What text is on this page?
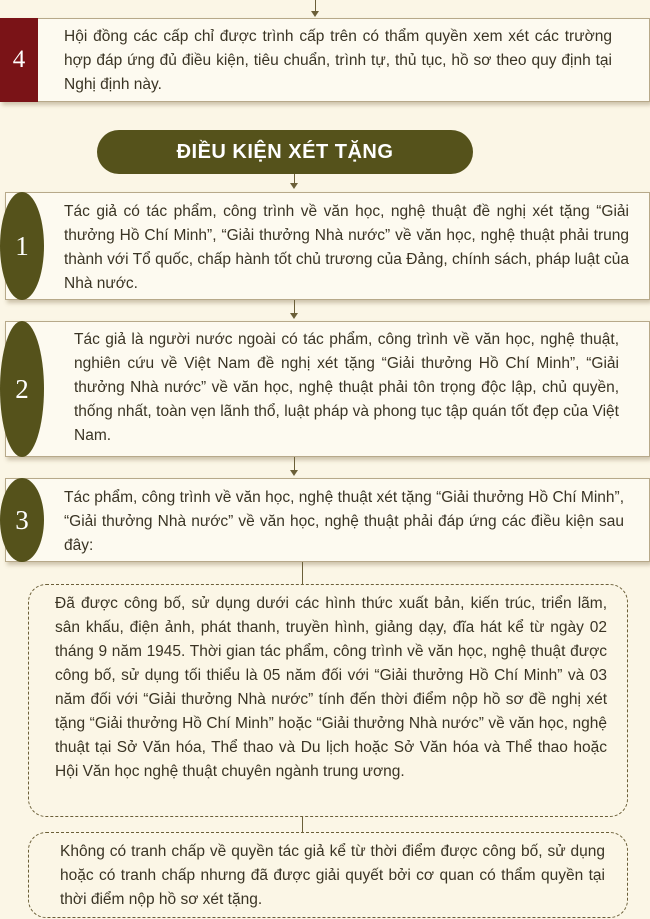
4
Hội đồng các cấp chỉ được trình cấp trên có thẩm quyền xem xét các trường hợp đáp ứng đủ điều kiện, tiêu chuẩn, trình tự, thủ tục, hồ sơ theo quy định tại Nghị định này.
ĐIỀU KIỆN XÉT TẶNG
1
Tác giả có tác phẩm, công trình về văn học, nghệ thuật đề nghị xét tặng “Giải thưởng Hồ Chí Minh”, “Giải thưởng Nhà nước” về văn học, nghệ thuật phải trung thành với Tổ quốc, chấp hành tốt chủ trương của Đảng, chính sách, pháp luật của Nhà nước.
2
Tác giả là người nước ngoài có tác phẩm, công trình về văn học, nghệ thuật, nghiên cứu về Việt Nam đề nghị xét tặng “Giải thưởng Hồ Chí Minh”, “Giải thưởng Nhà nước” về văn học, nghệ thuật phải tôn trọng độc lập, chủ quyền, thống nhất, toàn vẹn lãnh thổ, luật pháp và phong tục tập quán tốt đẹp của Việt Nam.
3
Tác phẩm, công trình về văn học, nghệ thuật xét tặng “Giải thưởng Hồ Chí Minh”, “Giải thưởng Nhà nước” về văn học, nghệ thuật phải đáp ứng các điều kiện sau đây:
Đã được công bố, sử dụng dưới các hình thức xuất bản, kiến trúc, triển lãm, sân khấu, điện ảnh, phát thanh, truyền hình, giảng dạy, đĩa hát kể từ ngày 02 tháng 9 năm 1945. Thời gian tác phẩm, công trình về văn học, nghệ thuật được công bố, sử dụng tối thiểu là 05 năm đối với “Giải thưởng Hồ Chí Minh” và 03 năm đối với “Giải thưởng Nhà nước” tính đến thời điểm nộp hồ sơ đề nghị xét tặng “Giải thưởng Hồ Chí Minh” hoặc “Giải thưởng Nhà nước” về văn học, nghệ thuật tại Sở Văn hóa, Thể thao và Du lịch hoặc Sở Văn hóa và Thể thao hoặc Hội Văn học nghệ thuật chuyên ngành trung ương.
Không có tranh chấp về quyền tác giả kể từ thời điểm được công bố, sử dụng hoặc có tranh chấp nhưng đã được giải quyết bởi cơ quan có thẩm quyền tại thời điểm nộp hồ sơ xét tặng.
